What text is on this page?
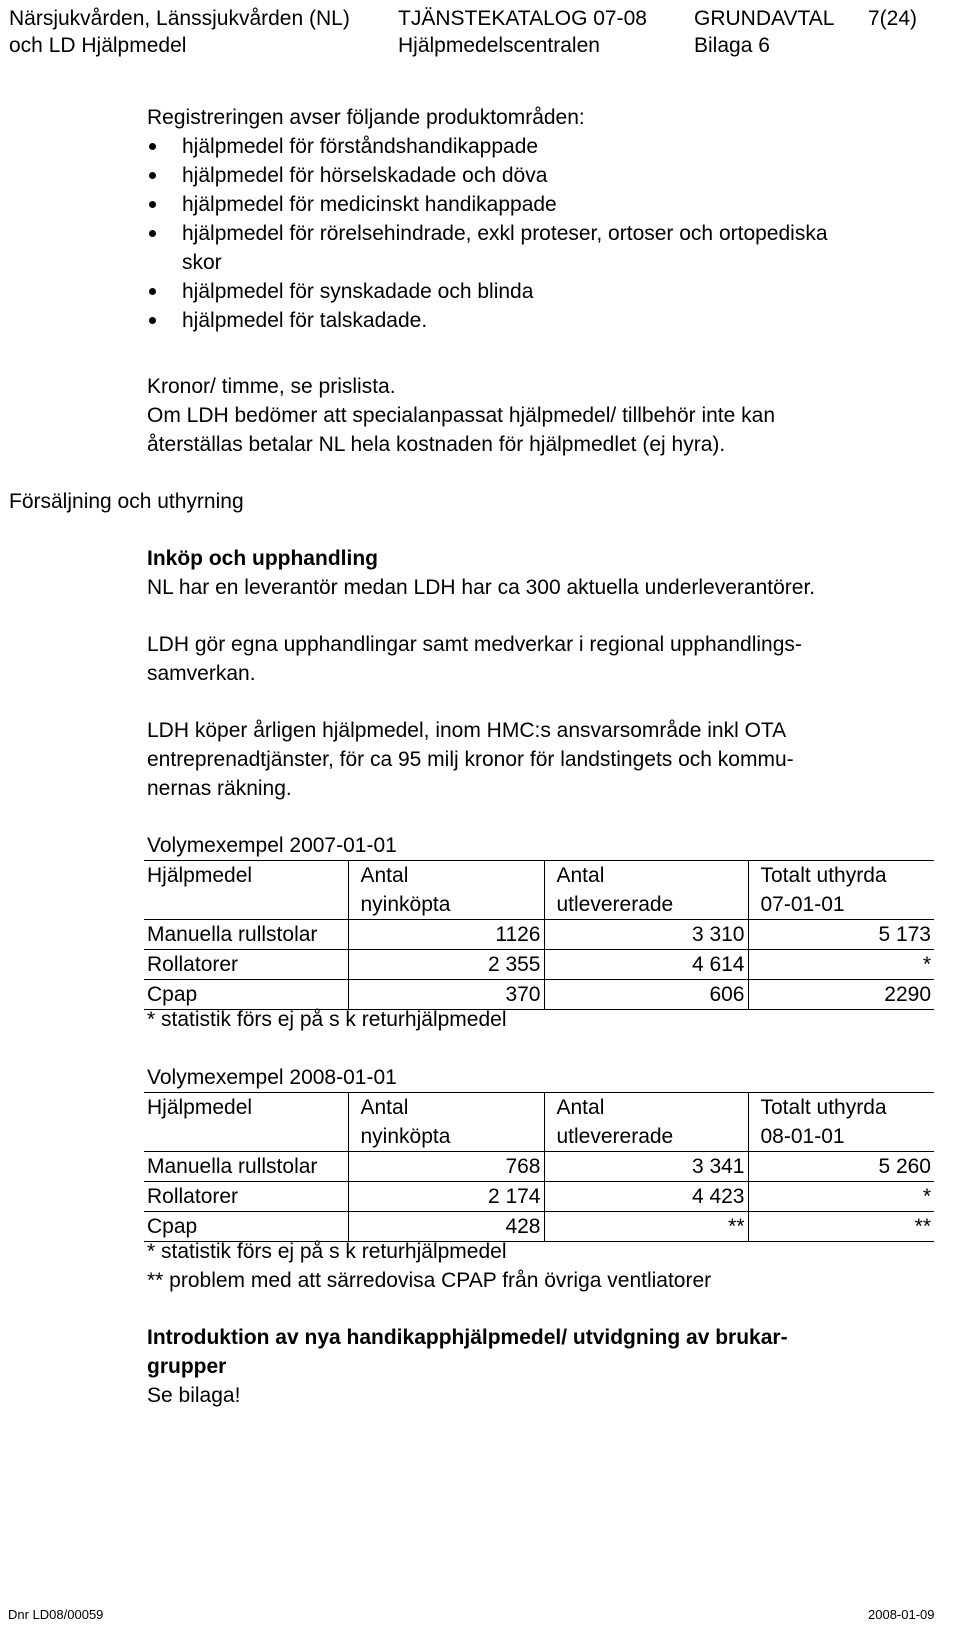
Närsjukvården, Länssjukvården (NL) TJÄNSTEKATALOG 07-08 GRUNDAVTAL 7(24)
och LD Hjälpmedel	Hjälpmedelscentralen	Bilaga 6
Registreringen avser följande produktområden:
hjälpmedel för förståndshandikappade
hjälpmedel för hörselskadade och döva
hjälpmedel för medicinskt handikappade
hjälpmedel för rörelsehindrade, exkl proteser, ortoser och ortopediska
skor
hjälpmedel för synskadade och blinda
hjälpmedel för talskadade.
Kronor/ timme, se prislista.
Om LDH bedömer att specialanpassat hjälpmedel/ tillbehör inte kan
återställas betalar NL hela kostnaden för hjälpmedlet (ej hyra).
Försäljning och uthyrning
Inköp och upphandling
NL har en leverantör medan LDH har ca 300 aktuella underleverantörer.
LDH gör egna upphandlingar samt medverkar i regional upphandlings-
samverkan.
LDH köper årligen hjälpmedel, inom HMC:s ansvarsområde inkl OTA
entreprenadtjänster, för ca 95 milj kronor för landstingets och kommu-
nernas räkning.
Volymexempel 2007-01-01
Hjälpmedel	Antal	Antal	Totalt uthyrda
	nyinköpta	utlevererade	07-01-01
Manuella rullstolar	1126	3 310	5 173
Rollatorer	2 355	4 614	*
Cpap	370	606	2290
* statistik förs ej på s k returhjälpmedel
Volymexempel 2008-01-01
Hjälpmedel	Antal	Antal	Totalt uthyrda
	nyinköpta	utlevererade	08-01-01
Manuella rullstolar	768	3 341	5 260
Rollatorer	2 174	4 423	*
Cpap	428	**	**
* statistik förs ej på s k returhjälpmedel
** problem med att särredovisa CPAP från övriga ventliatorer
Introduktion av nya handikapphjälpmedel/ utvidgning av brukar-
grupper
Se bilaga!
Dnr LD08/00059	2008-01-09
